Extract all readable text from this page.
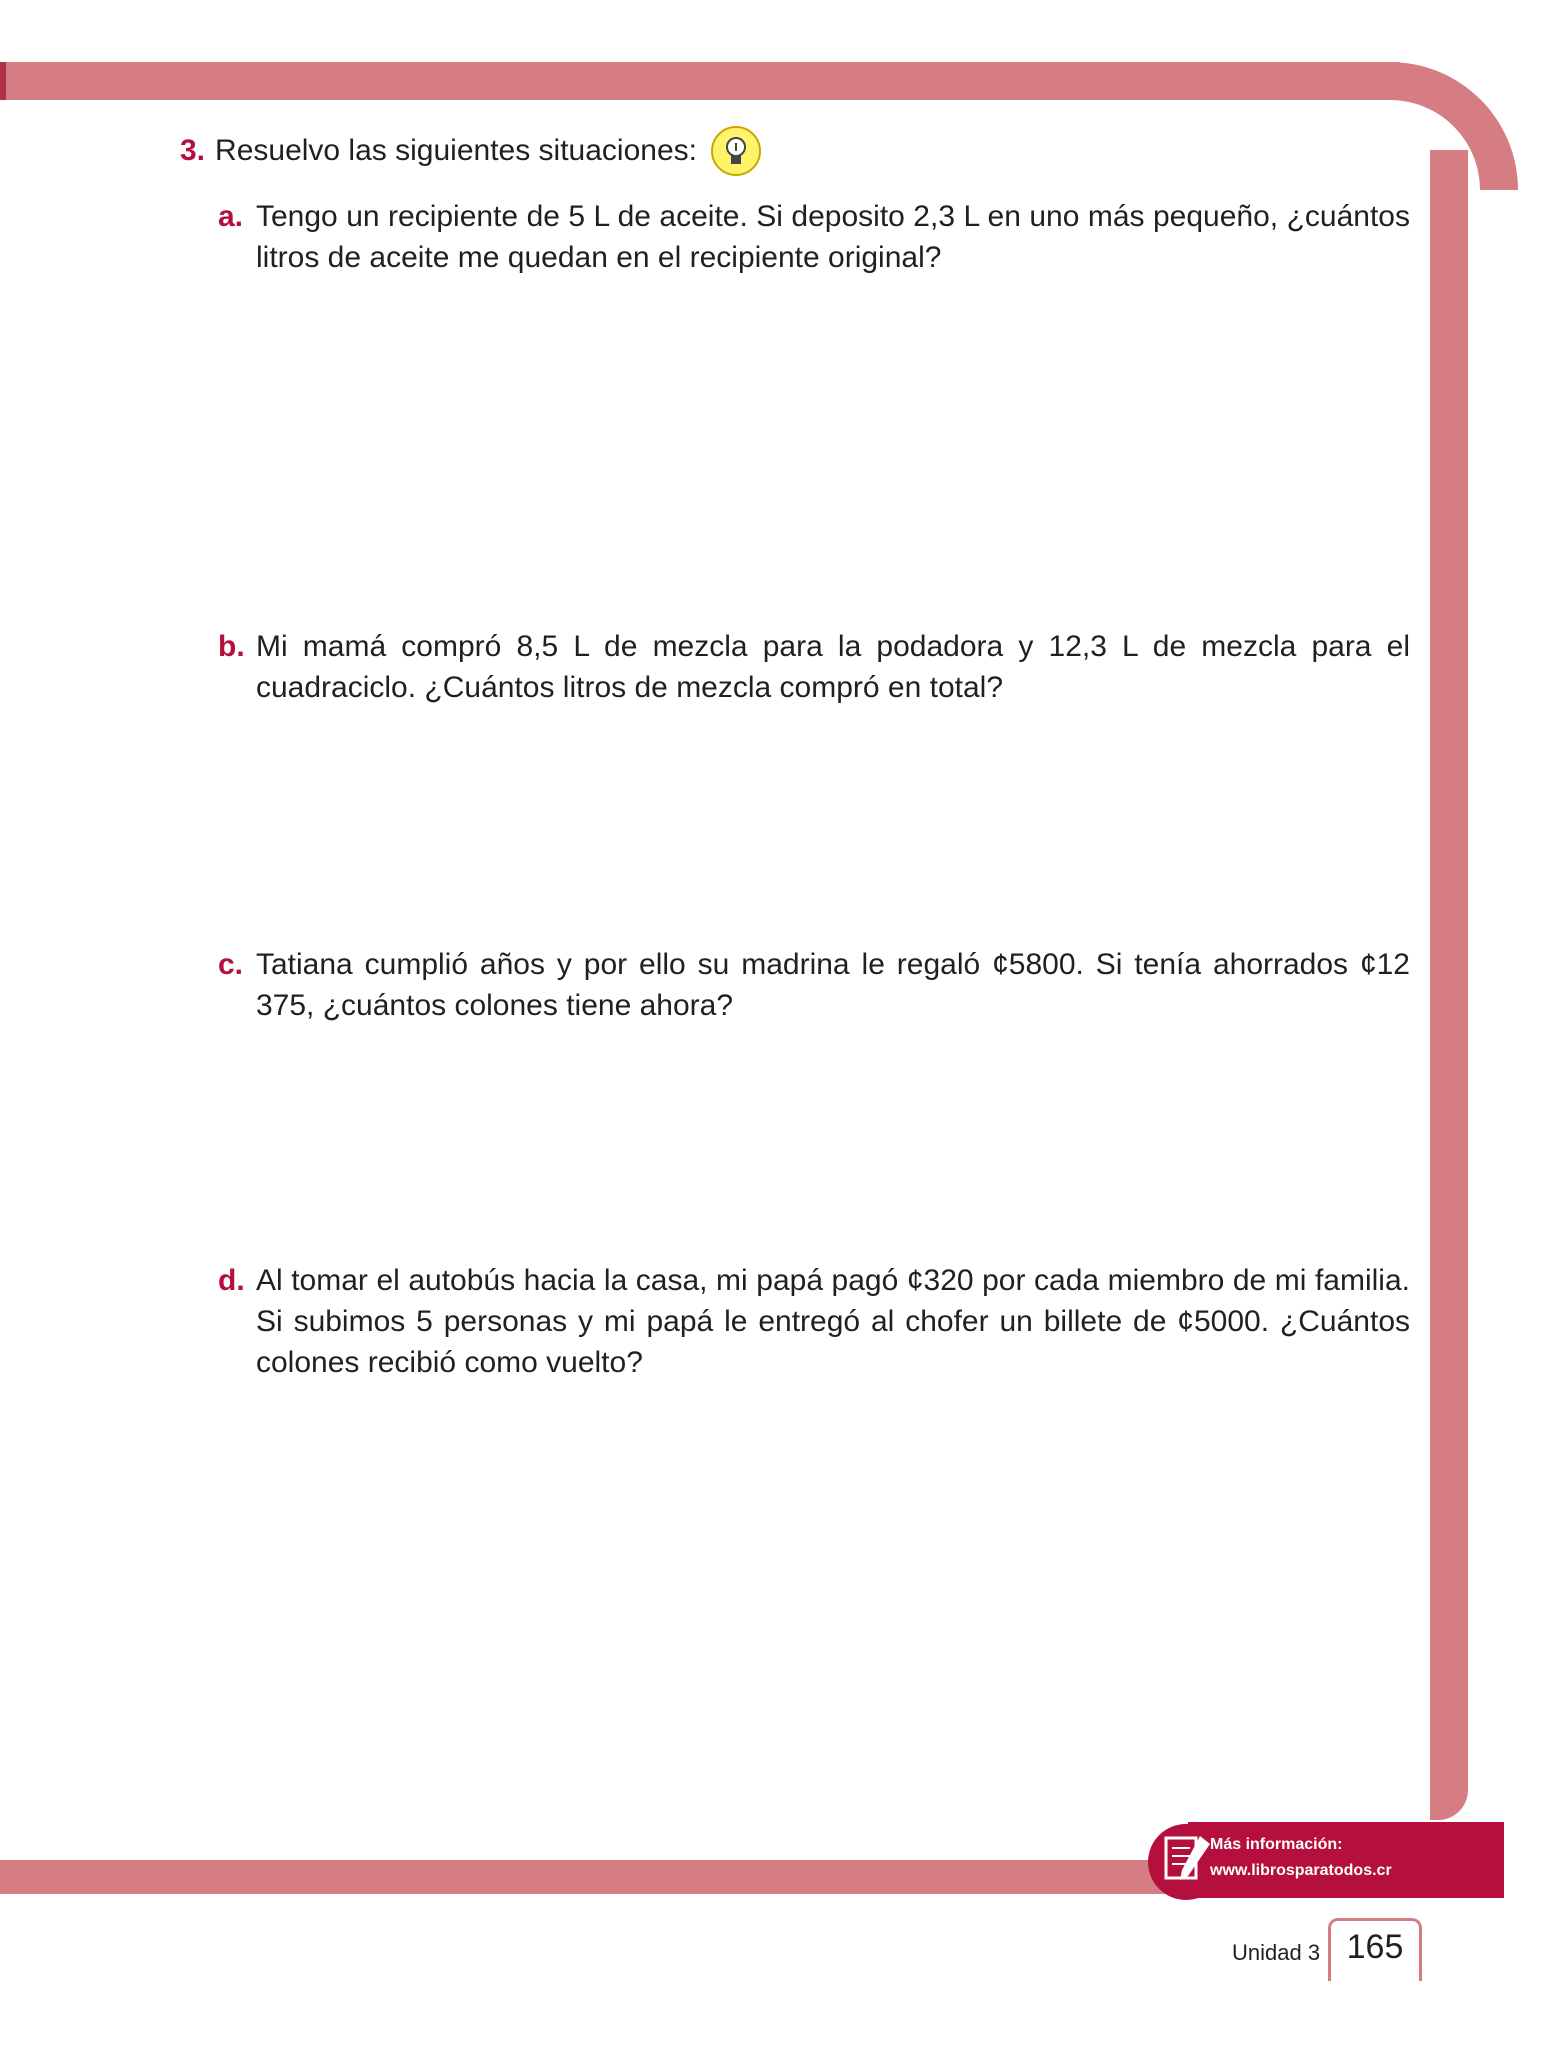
3. Resuelvo las siguientes situaciones:
a. Tengo un recipiente de 5 L de aceite. Si deposito 2,3 L en uno más pequeño, ¿cuántos litros de aceite me quedan en el recipiente original?
b. Mi mamá compró 8,5 L de mezcla para la podadora y 12,3 L de mezcla para el cuadraciclo. ¿Cuántos litros de mezcla compró en total?
c. Tatiana cumplió años y por ello su madrina le regaló ¢5800. Si tenía ahorrados ¢12 375, ¿cuántos colones tiene ahora?
d. Al tomar el autobús hacia la casa, mi papá pagó ¢320 por cada miembro de mi familia. Si subimos 5 personas y mi papá le entregó al chofer un billete de ¢5000. ¿Cuántos colones recibió como vuelto?
Más información:
www.librosparatodos.cr
Unidad 3 165
